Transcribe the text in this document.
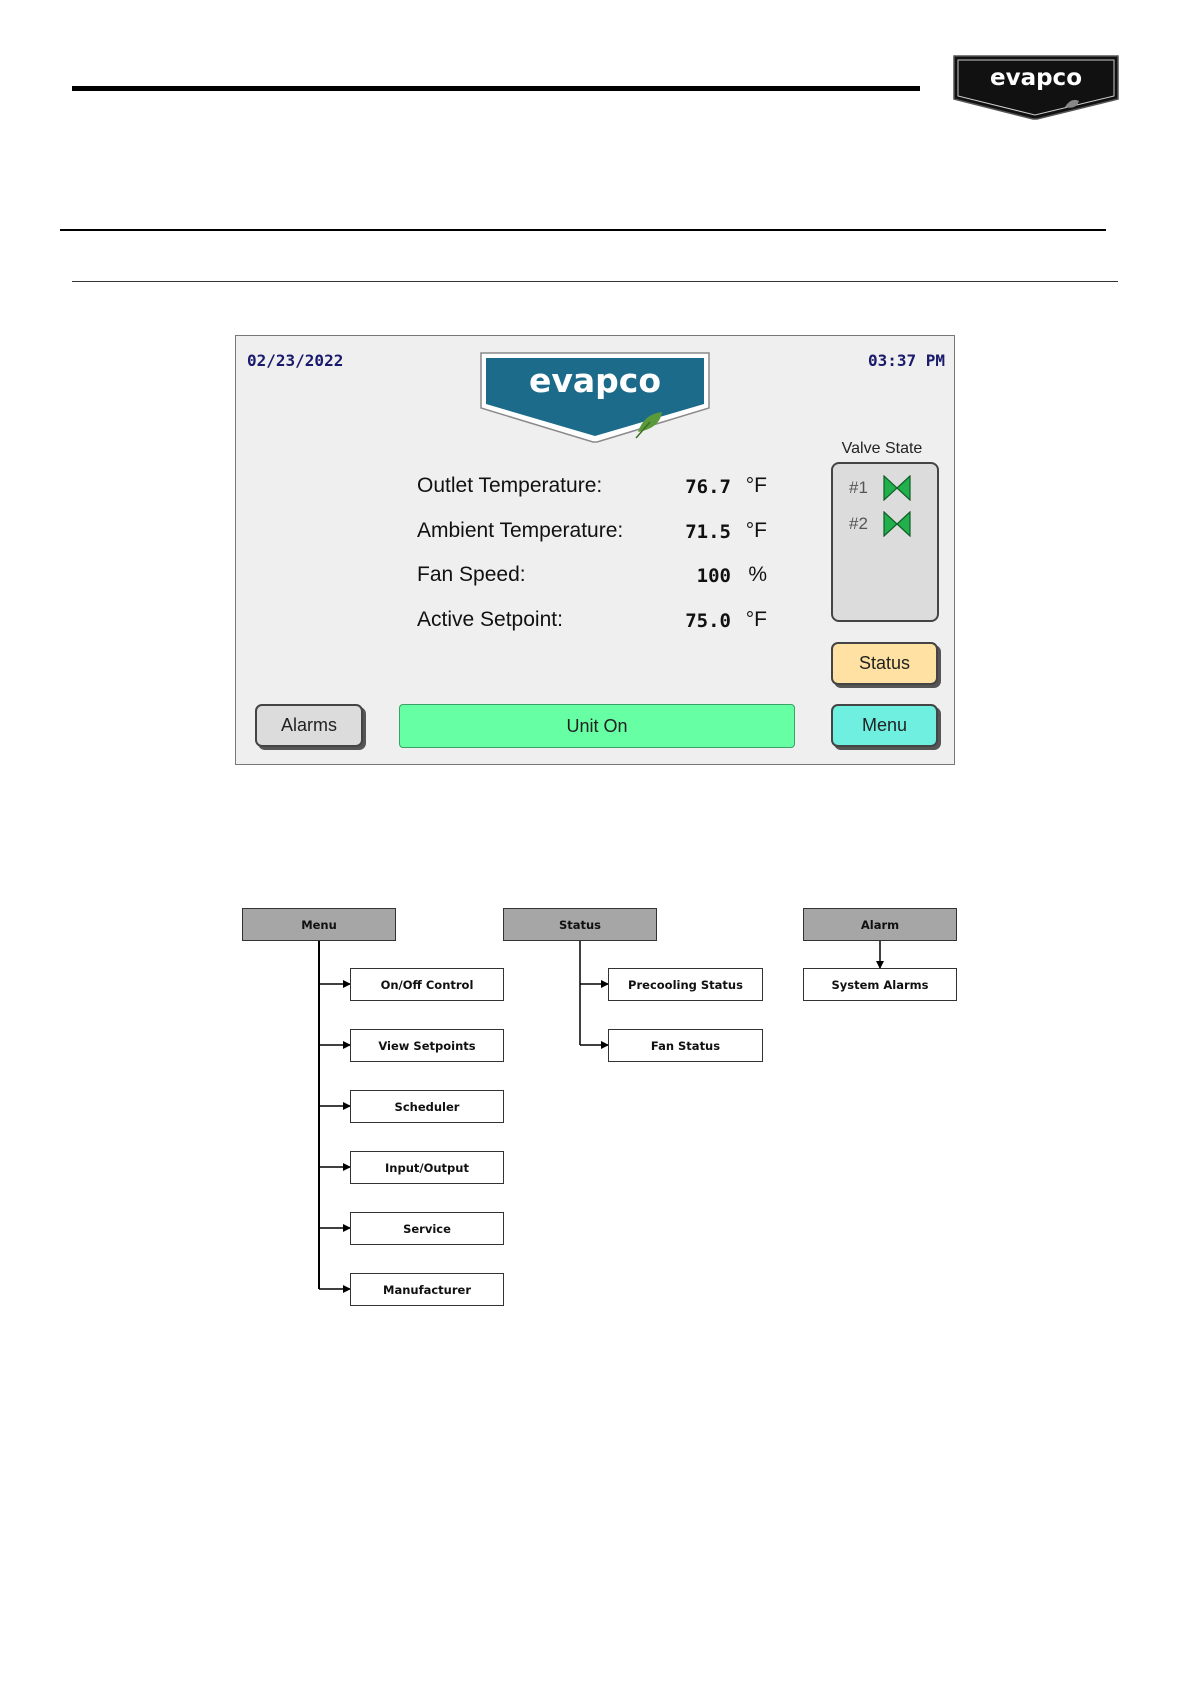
evapco
02/23/2022	03:37 PM
evapco
Outlet Temperature:	76.7 °F
Ambient Temperature:	71.5 °F
Fan Speed:	100 %
Active Setpoint:	75.0 °F
Valve State
#1
#2
Status
Alarms	Unit On	Menu
Menu	Status	Alarm
On/Off Control
View Setpoints
Scheduler
Input/Output
Service
Manufacturer
Precooling Status
Fan Status
System Alarms
